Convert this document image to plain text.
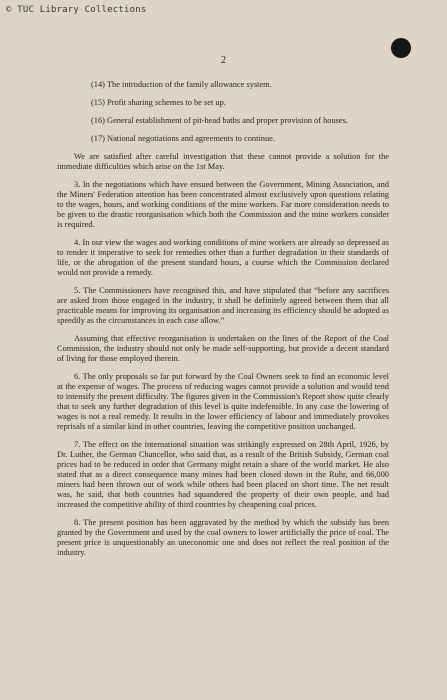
© TUC Library Collections
2

(14) The introduction of the family allowance system.

(15) Profit sharing schemes to be set up.

(16) General establishment of pit-head baths and proper provision of houses.

(17) National negotiations and agreements to continue.

We are satisfied after careful investigation that these cannot provide a solution for the immediate difficulties which arise on the 1st May.

3. In the negotiations which have ensued between the Government, Mining Association, and the Miners' Federation attention has been concentrated almost exclusively upon questions relating to the wages, hours, and working conditions of the mine workers. Far more consideration needs to be given to the drastic reorganisation which both the Commission and the mine workers consider is required.

4. In our view the wages and working conditions of mine workers are already so depressed as to render it imperative to seek for remedies other than a further degradation in their standards of life, or the abrogation of the present standard hours, a course which the Commission declared would not provide a remedy.

5. The Commissioners have recognised this, and have stipulated that “before any sacrifices are asked from those engaged in the industry, it shall be definitely agreed between them that all practicable means for improving its organisation and increasing its efficiency should be adopted as speedily as the circumstances in each case allow.”

Assuming that effective reorganisation is undertaken on the lines of the Report of the Coal Commission, the industry should not only be made self-supporting, but provide a decent standard of living for those employed therein.

6. The only proposals so far put forward by the Coal Owners seek to find an economic level at the expense of wages. The process of reducing wages cannot provide a solution and would tend to intensify the present difficulty. The figures given in the Commission's Report show quite clearly that to seek any further degradation of this level is quite indefensible. In any case the lowering of wages is not a real remedy. It results in the lower efficiency of labour and immediately provokes reprisals of a similar kind in other countries, leaving the competitive position unchanged.

7. The effect on the international situation was strikingly expressed on 28th April, 1926, by Dr. Luther, the German Chancellor, who said that, as a result of the British Subsidy, German coal prices had to be reduced in order that Germany might retain a share of the world market. He also stated that as a direct consequence many mines had been closed down in the Ruhr, and 66,000 miners had been thrown out of work while others had been placed on short time. The net result was, he said, that both countries had squandered the property of their own people, and had increased the competitive ability of third countries by cheapening coal prices.

8. The present position has been aggravated by the method by which the subsidy has been granted by the Government and used by the coal owners to lower artificially the price of coal. The present price is unquestionably an uneconomic one and does not reflect the real position of the industry.
